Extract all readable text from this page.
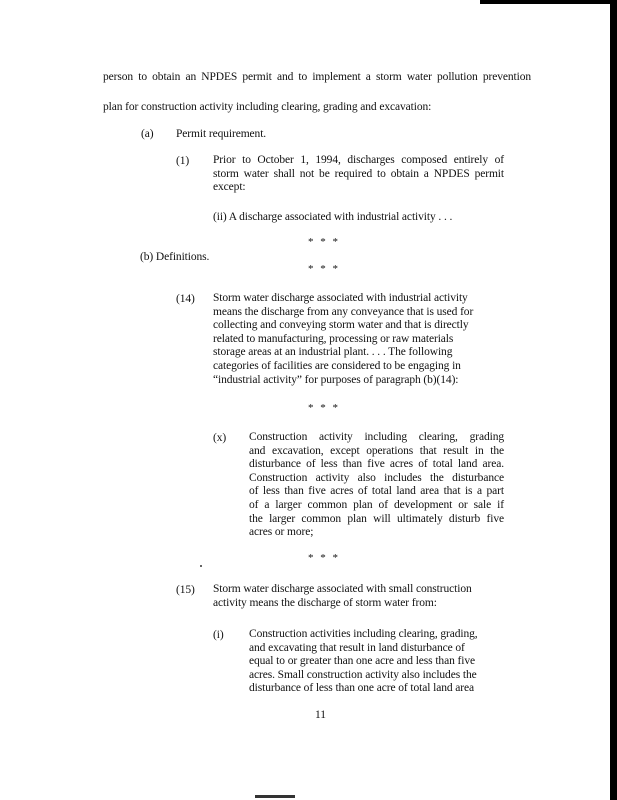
person to obtain an NPDES permit and to implement a storm water pollution prevention
plan for construction activity including clearing, grading and excavation:
(a) Permit requirement.
(1) Prior to October 1, 1994, discharges composed entirely of
storm water shall not be required to obtain a NPDES permit
except:
(ii) A discharge associated with industrial activity . . .
* * *
(b) Definitions.
* * *
(14) Storm water discharge associated with industrial activity
means the discharge from any conveyance that is used for
collecting and conveying storm water and that is directly
related to manufacturing, processing or raw materials
storage areas at an industrial plant. . . . The following
categories of facilities are considered to be engaging in
“industrial activity” for purposes of paragraph (b)(14):
* * *
(x) Construction activity including clearing, grading
and excavation, except operations that result in the
disturbance of less than five acres of total land area.
Construction activity also includes the disturbance
of less than five acres of total land area that is a part
of a larger common plan of development or sale if
the larger common plan will ultimately disturb five
acres or more;
* * *
(15) Storm water discharge associated with small construction
activity means the discharge of storm water from:
(i) Construction activities including clearing, grading,
and excavating that result in land disturbance of
equal to or greater than one acre and less than five
acres. Small construction activity also includes the
disturbance of less than one acre of total land area
11
